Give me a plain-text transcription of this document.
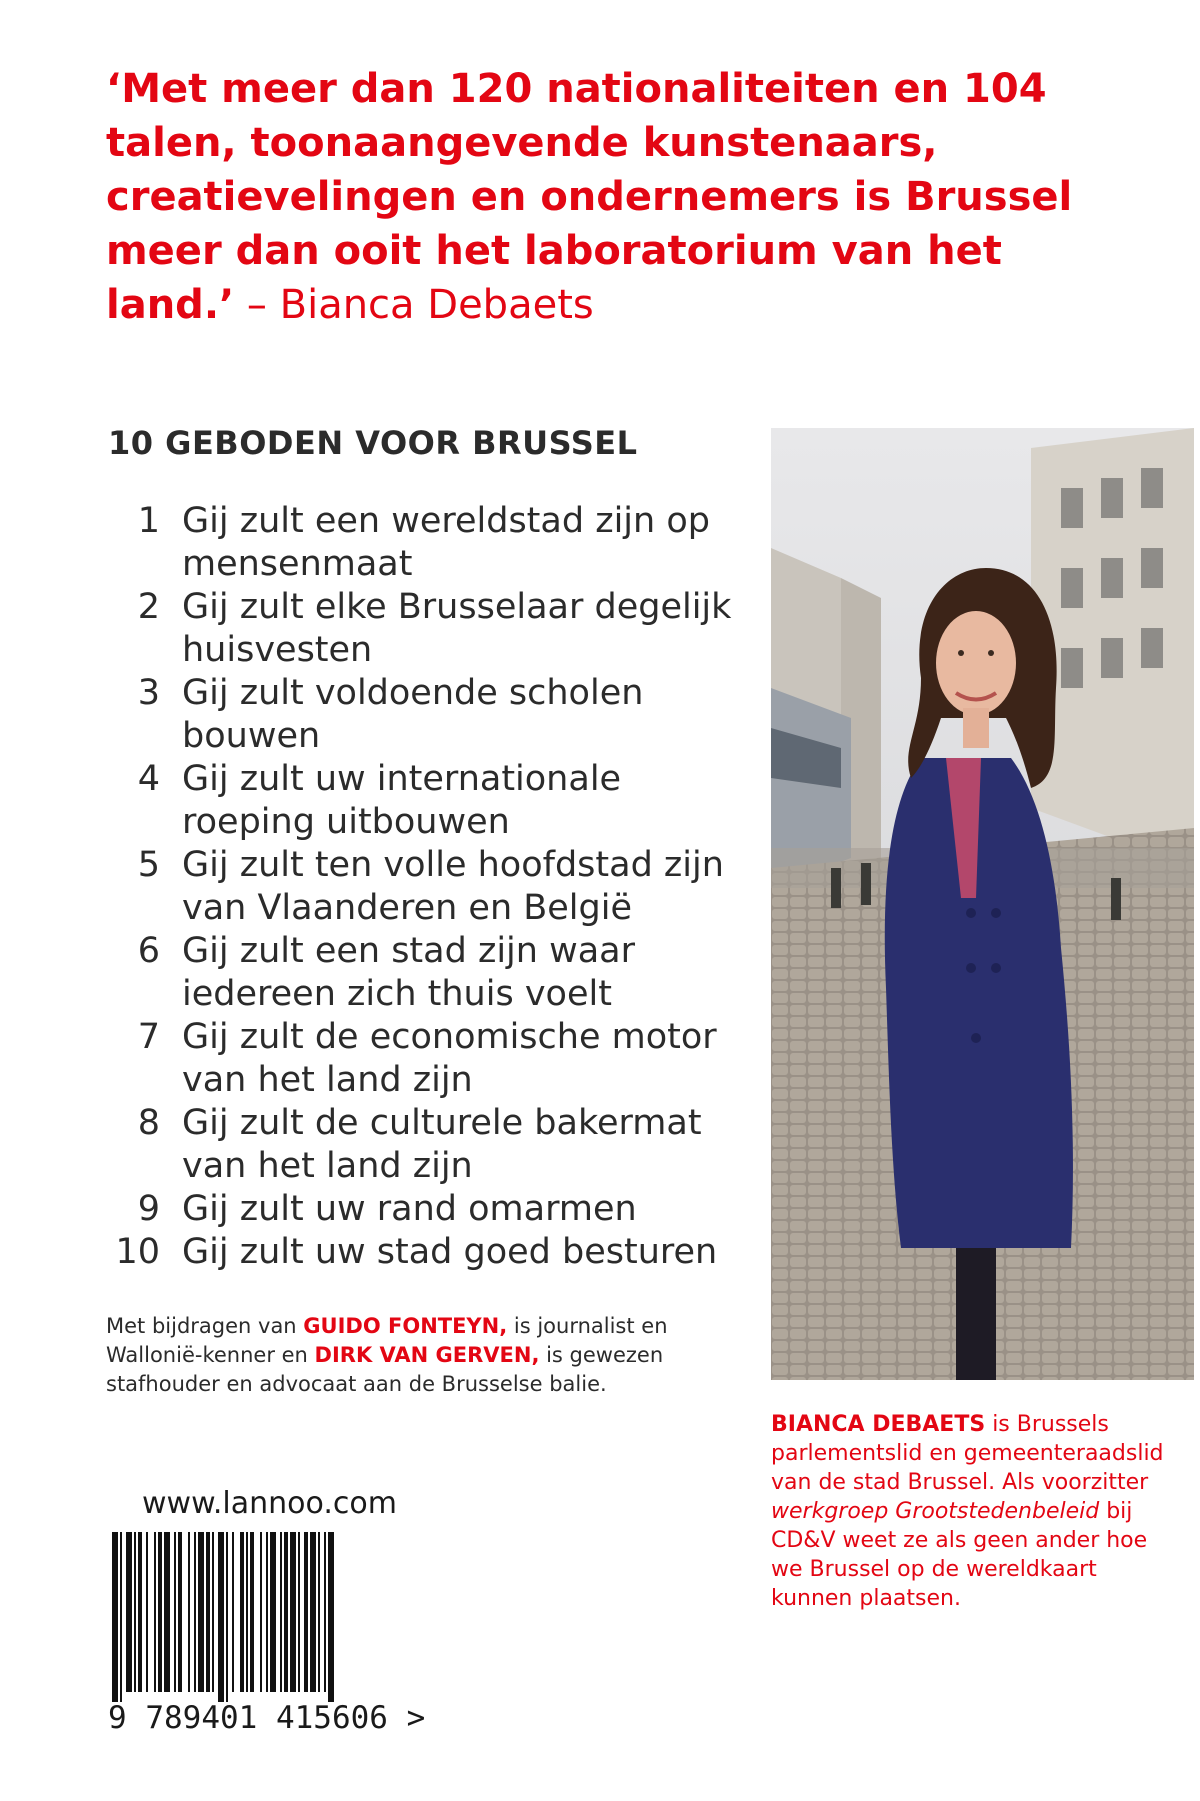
‘Met meer dan 120 nationaliteiten en 104 talen, toonaangevende kunstenaars, creatievelingen en ondernemers is Brussel meer dan ooit het laboratorium van het land.’ – Bianca Debaets
10 GEBODEN VOOR BRUSSEL
1 Gij zult een wereldstad zijn op mensenmaat
2 Gij zult elke Brusselaar degelijk huisvesten
3 Gij zult voldoende scholen bouwen
4 Gij zult uw internationale roeping uitbouwen
5 Gij zult ten volle hoofdstad zijn van Vlaanderen en België
6 Gij zult een stad zijn waar iedereen zich thuis voelt
7 Gij zult de economische motor van het land zijn
8 Gij zult de culturele bakermat van het land zijn
9 Gij zult uw rand omarmen
10 Gij zult uw stad goed besturen
Met bijdragen van GUIDO FONTEYN, is journalist en Wallonië-kenner en DIRK VAN GERVEN, is gewezen stafhouder en advocaat aan de Brusselse balie.
www.lannoo.com
9 789401 415606 >
BIANCA DEBAETS is Brussels parlementslid en gemeenteraadslid van de stad Brussel. Als voorzitter werkgroep Grootstedenbeleid bij CD&V weet ze als geen ander hoe we Brussel op de wereldkaart kunnen plaatsen.
